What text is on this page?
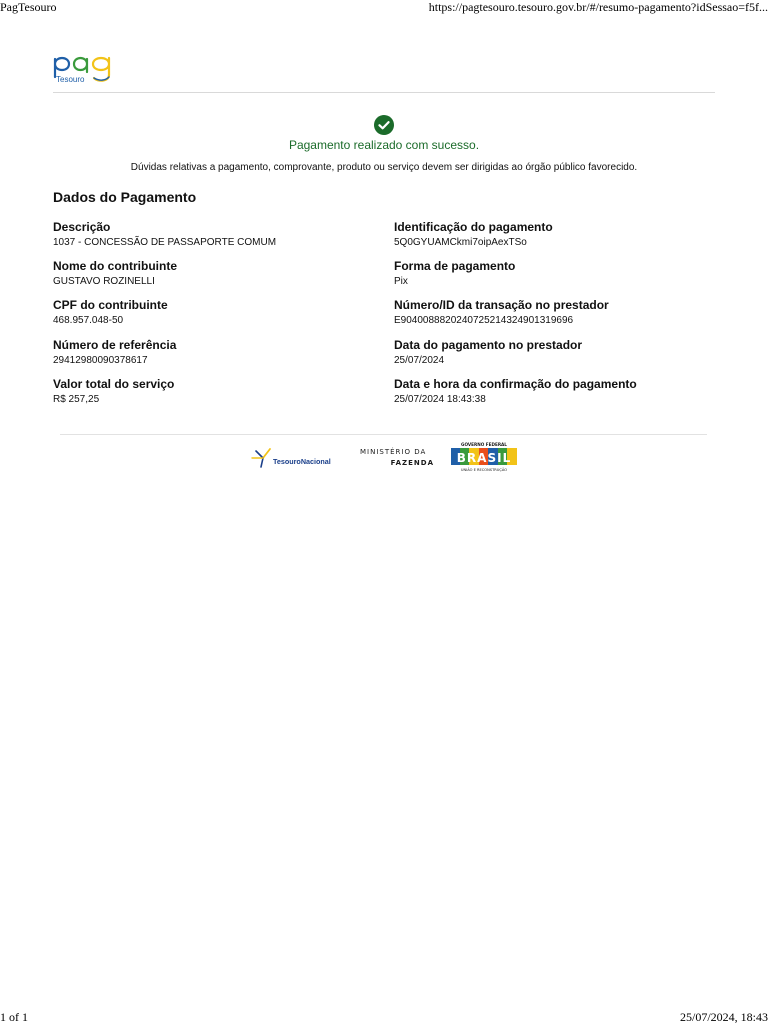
PagTesouro	https://pagtesouro.tesouro.gov.br/#/resumo-pagamento?idSessao=f5f...
1 of 1	25/07/2024, 18:43
Tesouro
Pagamento realizado com sucesso.
Dúvidas relativas a pagamento, comprovante, produto ou serviço devem ser dirigidas ao órgão público favorecido.
Dados do Pagamento
Descrição
1037 - CONCESSÃO DE PASSAPORTE COMUM
Nome do contribuinte
GUSTAVO ROZINELLI
CPF do contribuinte
468.957.048-50
Número de referência
29412980090378617
Valor total do serviço
R$ 257,25
Identificação do pagamento
5Q0GYUAMCkmi7oipAexTSo
Forma de pagamento
Pix
Número/ID da transação no prestador
E90400888202407252143249013196​96
Data do pagamento no prestador
25/07/2024
Data e hora da confirmação do pagamento
25/07/2024 18:43:38
TesouroNacional
MINISTÉRIO DA
FAZENDA
GOVERNO FEDERAL
BRASIL
UNIÃO E RECONSTRUÇÃO
